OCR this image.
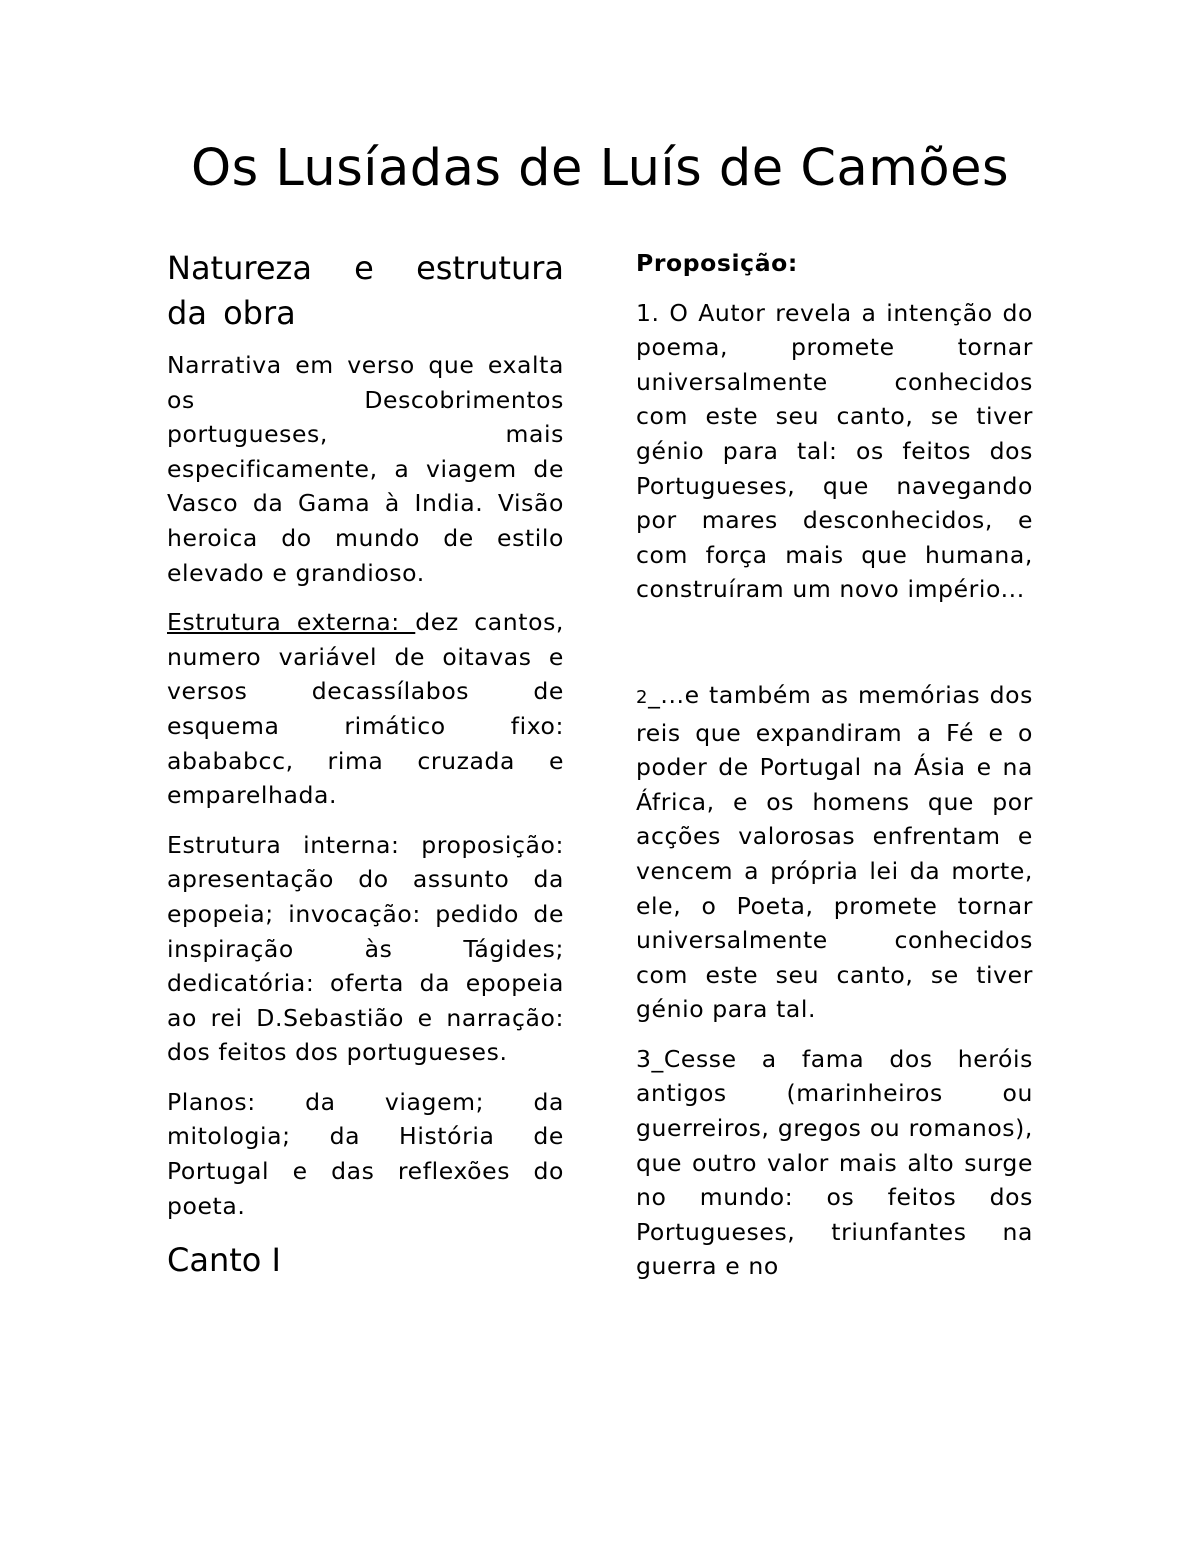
Os Lusíadas de Luís de Camões
Natureza e estrutura da obra

Narrativa em verso que exalta os Descobrimentos portugueses, mais especificamente, a viagem de Vasco da Gama à India. Visão heroica do mundo de estilo elevado e grandioso.

Estrutura externa: dez cantos, numero variável de oitavas e versos decassílabos de esquema rimático fixo: abababcc, rima cruzada e emparelhada.

Estrutura interna: proposição: apresentação do assunto da epopeia; invocação: pedido de inspiração às Tágides; dedicatória: oferta da epopeia ao rei D.Sebastião e narração: dos feitos dos portugueses.

Planos: da viagem; da mitologia; da História de Portugal e das reflexões do poeta.

Canto I

Proposição:

1. O Autor revela a intenção do poema, promete tornar universalmente conhecidos com este seu canto, se tiver génio para tal: os feitos dos Portugueses, que navegando por mares desconhecidos, e com força mais que humana, construíram um novo império...

2_...e também as memórias dos reis que expandiram a Fé e o poder de Portugal na Ásia e na África, e os homens que por acções valorosas enfrentam e vencem a própria lei da morte, ele, o Poeta, promete tornar universalmente conhecidos com este seu canto, se tiver génio para tal.

3_Cesse a fama dos heróis antigos (marinheiros ou guerreiros, gregos ou romanos), que outro valor mais alto surge no mundo: os feitos dos Portugueses, triunfantes na guerra e no
